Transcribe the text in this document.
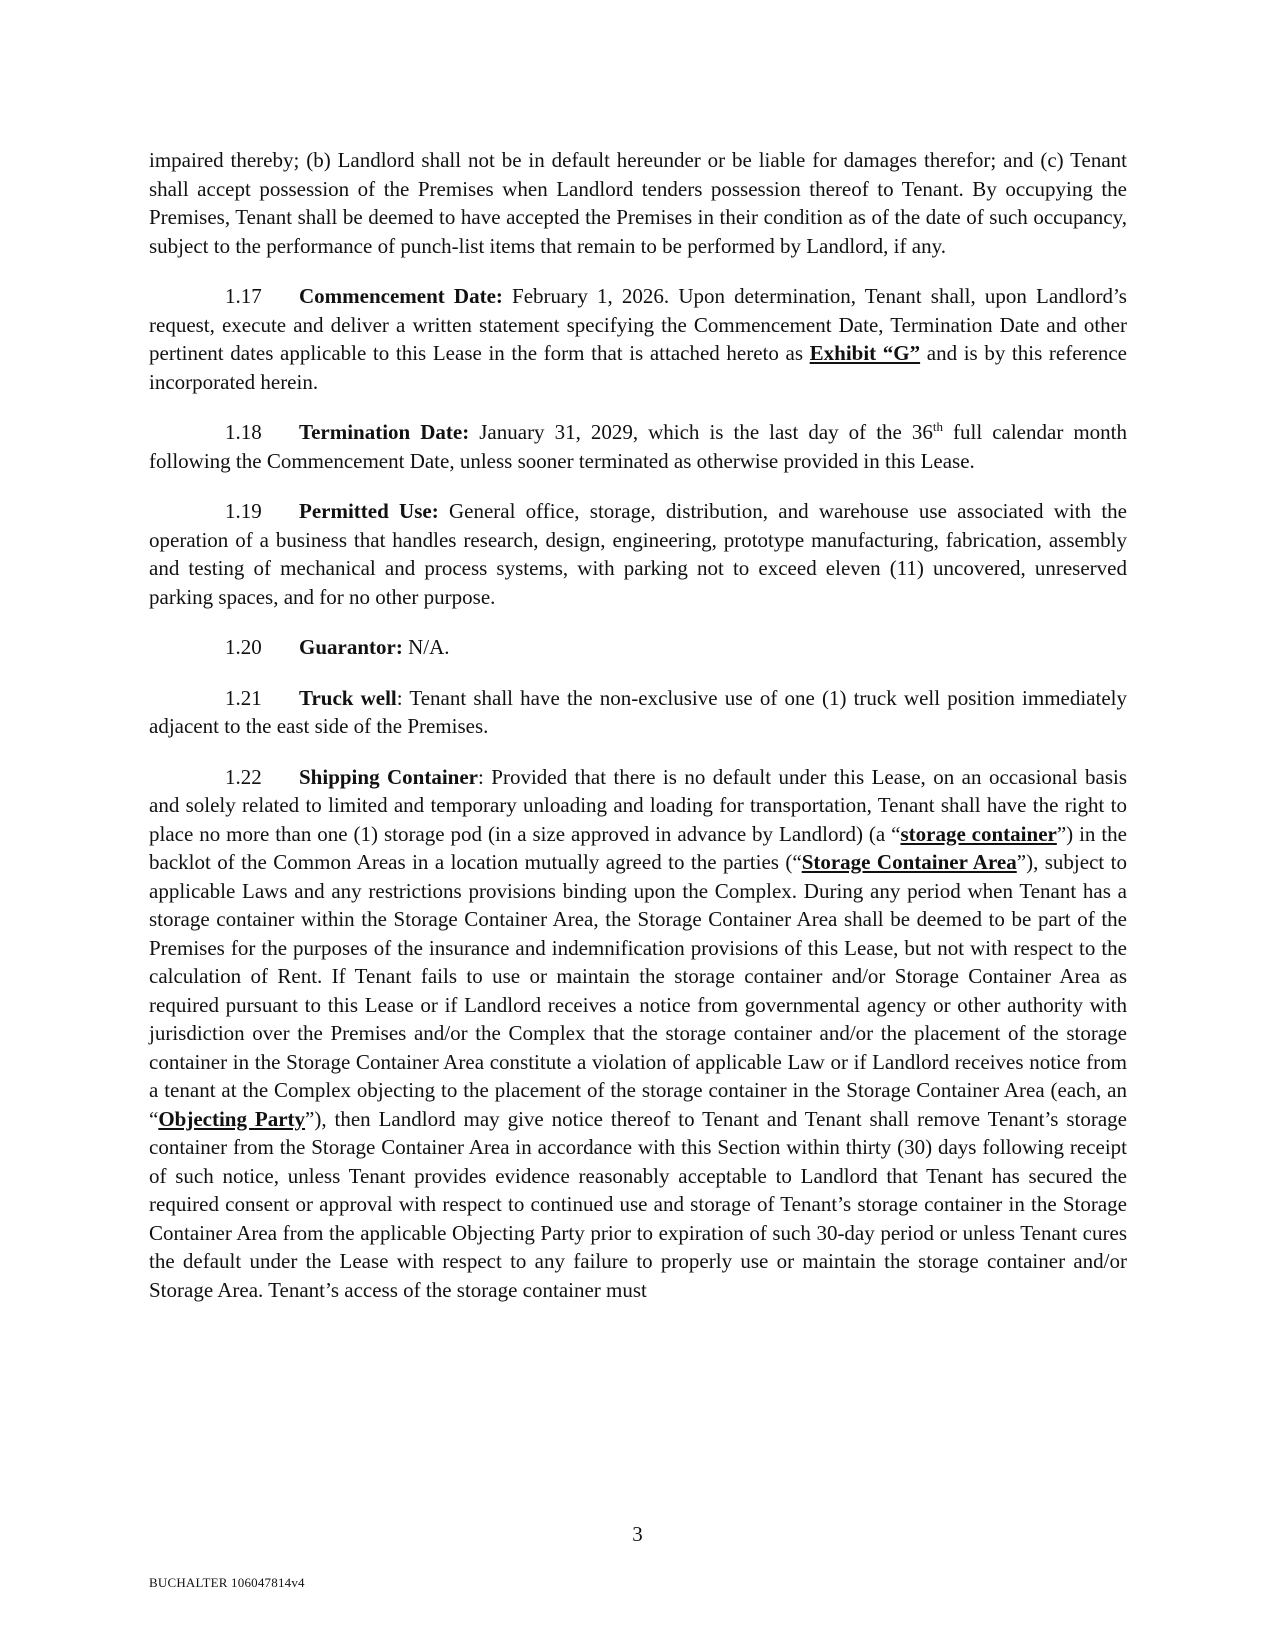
impaired thereby; (b) Landlord shall not be in default hereunder or be liable for damages therefor; and (c) Tenant shall accept possession of the Premises when Landlord tenders possession thereof to Tenant. By occupying the Premises, Tenant shall be deemed to have accepted the Premises in their condition as of the date of such occupancy, subject to the performance of punch-list items that remain to be performed by Landlord, if any.

1.17 Commencement Date: February 1, 2026. Upon determination, Tenant shall, upon Landlord’s request, execute and deliver a written statement specifying the Commencement Date, Termination Date and other pertinent dates applicable to this Lease in the form that is attached hereto as Exhibit “G” and is by this reference incorporated herein.

1.18 Termination Date: January 31, 2029, which is the last day of the 36th full calendar month following the Commencement Date, unless sooner terminated as otherwise provided in this Lease.

1.19 Permitted Use: General office, storage, distribution, and warehouse use associated with the operation of a business that handles research, design, engineering, prototype manufacturing, fabrication, assembly and testing of mechanical and process systems, with parking not to exceed eleven (11) uncovered, unreserved parking spaces, and for no other purpose.

1.20 Guarantor: N/A.

1.21 Truck well: Tenant shall have the non-exclusive use of one (1) truck well position immediately adjacent to the east side of the Premises.

1.22 Shipping Container: Provided that there is no default under this Lease, on an occasional basis and solely related to limited and temporary unloading and loading for transportation, Tenant shall have the right to place no more than one (1) storage pod (in a size approved in advance by Landlord) (a “storage container”) in the backlot of the Common Areas in a location mutually agreed to the parties (“Storage Container Area”), subject to applicable Laws and any restrictions provisions binding upon the Complex. During any period when Tenant has a storage container within the Storage Container Area, the Storage Container Area shall be deemed to be part of the Premises for the purposes of the insurance and indemnification provisions of this Lease, but not with respect to the calculation of Rent. If Tenant fails to use or maintain the storage container and/or Storage Container Area as required pursuant to this Lease or if Landlord receives a notice from governmental agency or other authority with jurisdiction over the Premises and/or the Complex that the storage container and/or the placement of the storage container in the Storage Container Area constitute a violation of applicable Law or if Landlord receives notice from a tenant at the Complex objecting to the placement of the storage container in the Storage Container Area (each, an “Objecting Party”), then Landlord may give notice thereof to Tenant and Tenant shall remove Tenant’s storage container from the Storage Container Area in accordance with this Section within thirty (30) days following receipt of such notice, unless Tenant provides evidence reasonably acceptable to Landlord that Tenant has secured the required consent or approval with respect to continued use and storage of Tenant’s storage container in the Storage Container Area from the applicable Objecting Party prior to expiration of such 30-day period or unless Tenant cures the default under the Lease with respect to any failure to properly use or maintain the storage container and/or Storage Area. Tenant’s access of the storage container must

3
BUCHALTER 106047814v4
